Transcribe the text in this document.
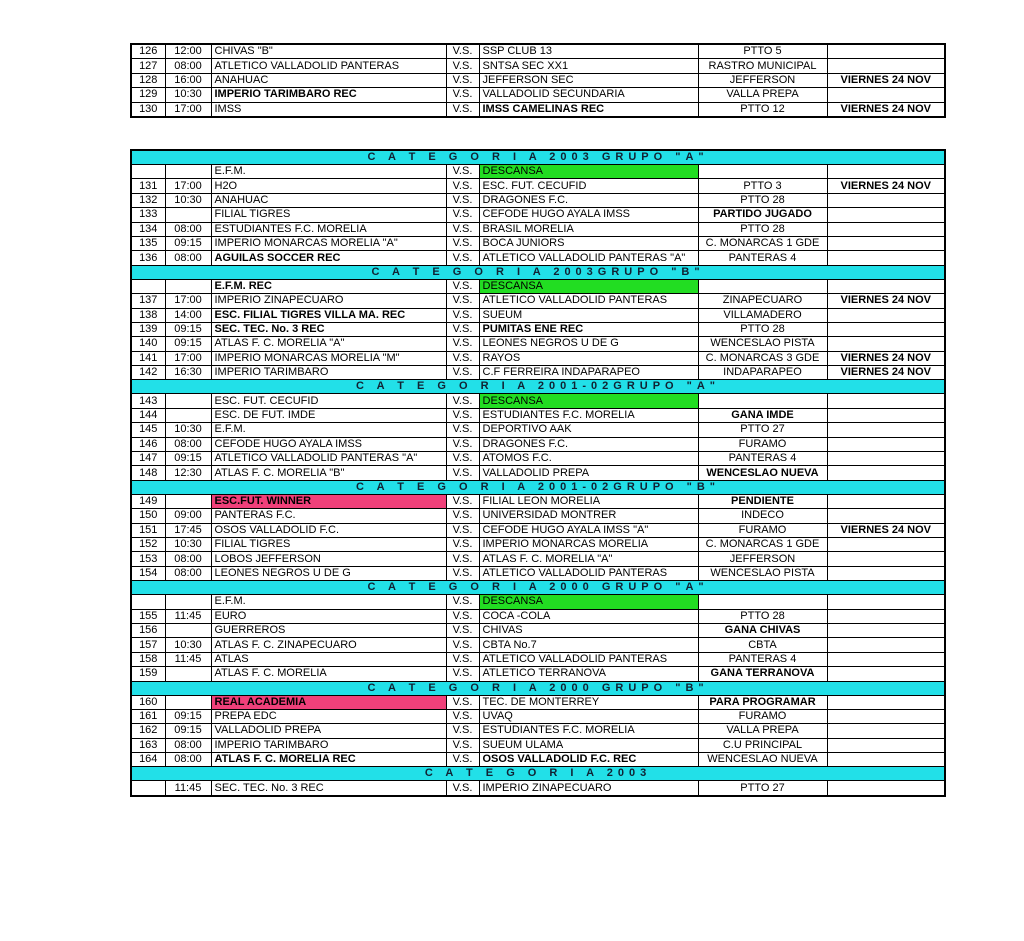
126	12:00	CHIVAS "B"	V.S.	SSP CLUB 13	PTTO 5	
127	08:00	ATLETICO VALLADOLID PANTERAS	V.S.	SNTSA SEC XX1	RASTRO MUNICIPAL	
128	16:00	ANAHUAC	V.S.	JEFFERSON SEC	JEFFERSON	VIERNES 24 NOV
129	10:30	IMPERIO TARIMBARO REC	V.S.	VALLADOLID SECUNDARIA	VALLA PREPA	
130	17:00	IMSS	V.S.	IMSS CAMELINAS REC	PTTO 12	VIERNES 24 NOV
C A T E G O R I A 2003 GRUPO "A"						
		E.F.M.	V.S.	DESCANSA		
131	17:00	H2O	V.S.	ESC. FUT. CECUFID	PTTO 3	VIERNES 24 NOV
132	10:30	ANAHUAC	V.S.	DRAGONES F.C.	PTTO 28	
133		FILIAL TIGRES	V.S.	CEFODE HUGO AYALA IMSS	PARTIDO JUGADO	
134	08:00	ESTUDIANTES F.C. MORELIA	V.S.	BRASIL MORELIA	PTTO 28	
135	09:15	IMPERIO MONARCAS MORELIA "A"	V.S.	BOCA JUNIORS	C. MONARCAS 1 GDE	
136	08:00	AGUILAS SOCCER REC	V.S.	ATLETICO VALLADOLID PANTERAS "A"	PANTERAS 4	
C A T E G O R I A 2003GRUPO "B"						
		E.F.M. REC	V.S.	DESCANSA		
137	17:00	IMPERIO ZINAPECUARO	V.S.	ATLETICO VALLADOLID PANTERAS	ZINAPECUARO	VIERNES 24 NOV
138	14:00	ESC. FILIAL TIGRES VILLA MA. REC	V.S.	SUEUM	VILLAMADERO	
139	09:15	SEC. TEC. No. 3 REC	V.S.	PUMITAS ENE REC	PTTO 28	
140	09:15	ATLAS F. C. MORELIA "A"	V.S.	LEONES NEGROS U DE G	WENCESLAO PISTA	
141	17:00	IMPERIO MONARCAS MORELIA "M"	V.S.	RAYOS	C. MONARCAS 3 GDE	VIERNES 24 NOV
142	16:30	IMPERIO TARIMBARO	V.S.	C.F FERREIRA INDAPARAPEO	INDAPARAPEO	VIERNES 24 NOV
C A T E G O R I A 2001-02GRUPO "A"						
143		ESC. FUT. CECUFID	V.S.	DESCANSA		
144		ESC. DE FUT. IMDE	V.S.	ESTUDIANTES F.C. MORELIA	GANA IMDE	
145	10:30	E.F.M.	V.S.	DEPORTIVO AAK	PTTO 27	
146	08:00	CEFODE HUGO AYALA IMSS	V.S.	DRAGONES F.C.	FURAMO	
147	09:15	ATLETICO VALLADOLID PANTERAS "A"	V.S.	ATOMOS F.C.	PANTERAS 4	
148	12:30	ATLAS F. C. MORELIA "B"	V.S.	VALLADOLID PREPA	WENCESLAO NUEVA	
C A T E G O R I A 2001-02GRUPO "B"						
149		ESC.FUT. WINNER	V.S.	FILIAL LEON MORELIA	PENDIENTE	
150	09:00	PANTERAS F.C.	V.S.	UNIVERSIDAD MONTRER	INDECO	
151	17:45	OSOS VALLADOLID F.C.	V.S.	CEFODE HUGO AYALA IMSS "A"	FURAMO	VIERNES 24 NOV
152	10:30	FILIAL TIGRES	V.S.	IMPERIO MONARCAS MORELIA	C. MONARCAS 1 GDE	
153	08:00	LOBOS JEFFERSON	V.S.	ATLAS F. C. MORELIA "A"	JEFFERSON	
154	08:00	LEONES NEGROS U DE G	V.S.	ATLETICO VALLADOLID PANTERAS	WENCESLAO PISTA	
C A T E G O R I A 2000 GRUPO "A"						
		E.F.M.	V.S.	DESCANSA		
155	11:45	EURO	V.S.	COCA -COLA	PTTO 28	
156		GUERREROS	V.S.	CHIVAS	GANA CHIVAS	
157	10:30	ATLAS F. C. ZINAPECUARO	V.S.	CBTA No.7	CBTA	
158	11:45	ATLAS	V.S.	ATLETICO VALLADOLID PANTERAS	PANTERAS 4	
159		ATLAS F. C. MORELIA	V.S.	ATLETICO TERRANOVA	GANA TERRANOVA	
C A T E G O R I A 2000 GRUPO "B"						
160		REAL ACADEMIA	V.S.	TEC. DE MONTERREY	PARA PROGRAMAR	
161	09:15	PREPA EDC	V.S.	UVAQ	FURAMO	
162	09:15	VALLADOLID PREPA	V.S.	ESTUDIANTES F.C. MORELIA	VALLA PREPA	
163	08:00	IMPERIO TARIMBARO	V.S.	SUEUM ULAMA	C.U PRINCIPAL	
164	08:00	ATLAS F. C. MORELIA REC	V.S.	OSOS VALLADOLID F.C. REC	WENCESLAO NUEVA	
C A T E G O R I A 2003						
	11:45	SEC. TEC. No. 3 REC	V.S.	IMPERIO ZINAPECUARO	PTTO 27	
